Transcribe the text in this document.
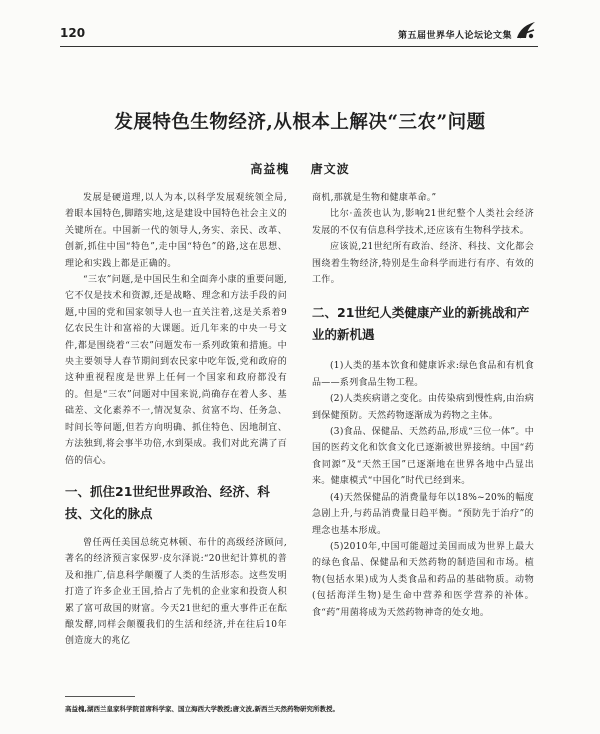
120	第五届世界华人论坛论文集
发展特色生物经济,从根本上解决“三农”问题
高益槐 唐文波

发展是硬道理,以人为本,以科学发展观统领全局,着眼本国特色,脚踏实地,这是建设中国特色社会主义的关键所在。中国新一代的领导人,务实、亲民、改革、创新,抓住中国“特色”,走中国“特色”的路,这在思想、理论和实践上都是正确的。

“三农”问题,是中国民生和全面奔小康的重要问题,它不仅是技术和资源,还是战略、理念和方法手段的问题,中国的党和国家领导人也一直关注着,这是关系着9亿农民生计和富裕的大课题。近几年来的中央一号文件,都是围绕着“三农”问题发布一系列政策和措施。中央主要领导人春节期间到农民家中吃年饭,党和政府的这种重视程度是世界上任何一个国家和政府都没有的。但是“三农”问题对中国来说,尚确存在着人多、基础差、文化素养不一,情况复杂、贫富不均、任务急、时间长等问题,但若方向明确、抓住特色、因地制宜、方法独到,将会事半功倍,水到渠成。我们对此充满了百倍的信心。

一、抓住21世纪世界政治、经济、科技、文化的脉点

曾任两任美国总统克林顿、布什的高级经济顾问,著名的经济预言家保罗·皮尔泽说:“20世纪计算机的普及和推广,信息科学颠覆了人类的生活形态。这些发明打造了许多企业王国,拾占了先机的企业家和投资人积累了富可敌国的财富。今天21世纪的重大事件正在酝酿发酵,同样会颠覆我们的生活和经济,并在往后10年创造庞大的兆亿

商机,那就是生物和健康革命。”

比尔·盖茨也认为,影响21世纪整个人类社会经济发展的不仅有信息科学技术,还应该有生物科学技术。

应该说,21世纪所有政治、经济、科技、文化都会围绕着生物经济,特别是生命科学而进行有序、有效的工作。

二、21世纪人类健康产业的新挑战和产业的新机遇

(1)人类的基本饮食和健康诉求:绿色食品和有机食品——系列食品生物工程。

(2)人类疾病谱之变化。由传染病到慢性病,由治病到保健预防。天然药物逐渐成为药物之主体。

(3)食品、保健品、天然药品,形成“三位一体”。中国的医药文化和饮食文化已逐渐被世界接纳。中国“药食同源”及“天然王国”已逐渐地在世界各地中凸显出来。健康模式“中国化”时代已经到来。

(4)天然保健品的消费量每年以18%~20%的幅度急剧上升,与药品消费量日趋平衡。“预防先于治疗”的理念也基本形成。

(5)2010年,中国可能超过美国而成为世界上最大的绿色食品、保健品和天然药物的制造国和市场。植物(包括水果)成为人类食品和药品的基础物质。动物(包括海洋生物)是生命中营养和医学营养的补体。食“药”用菌将成为天然药物神奇的处女地。

高益槐,湖西兰皇家科学院首席科学家、国立海西大学教授;唐文波,新西兰天然药物研究所教授。
